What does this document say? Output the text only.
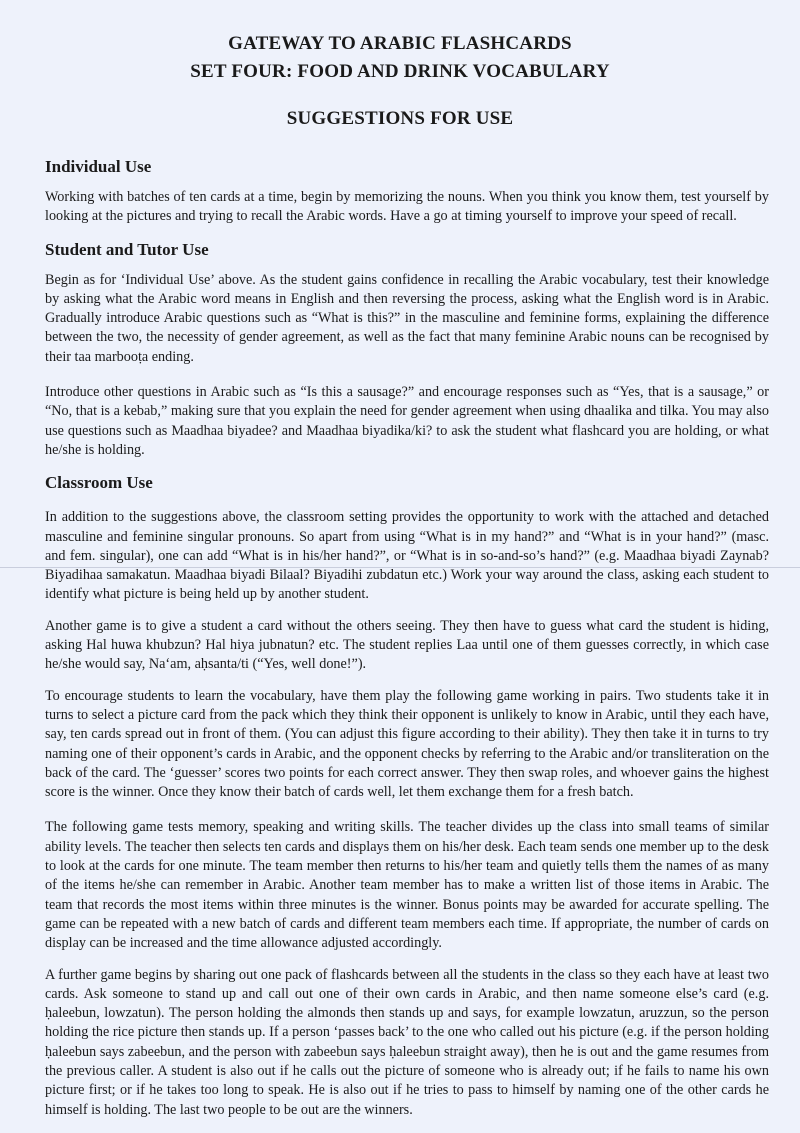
GATEWAY TO ARABIC FLASHCARDS
SET FOUR: FOOD AND DRINK VOCABULARY
SUGGESTIONS FOR USE
Individual Use

Working with batches of ten cards at a time, begin by memorizing the nouns. When you think you know them, test yourself by looking at the pictures and trying to recall the Arabic words. Have a go at timing yourself to improve your speed of recall.

Student and Tutor Use

Begin as for ‘Individual Use’ above. As the student gains confidence in recalling the Arabic vocabulary, test their knowledge by asking what the Arabic word means in English and then reversing the process, asking what the English word is in Arabic. Gradually introduce Arabic questions such as “What is this?” in the masculine and feminine forms, explaining the difference between the two, the necessity of gender agreement, as well as the fact that many feminine Arabic nouns can be recognised by their taa marbooṭa ending.

Introduce other questions in Arabic such as “Is this a sausage?” and encourage responses such as “Yes, that is a sausage,” or “No, that is a kebab,” making sure that you explain the need for gender agreement when using dhaalika and tilka. You may also use questions such as Maadhaa biyadee? and Maadhaa biyadika/ki? to ask the student what flashcard you are holding, or what he/she is holding.

Classroom Use

In addition to the suggestions above, the classroom setting provides the opportunity to work with the attached and detached masculine and feminine singular pronouns. So apart from using “What is in my hand?” and “What is in your hand?” (masc. and fem. singular), one can add “What is in his/her hand?”, or “What is in so-and-so’s hand?” (e.g. Maadhaa biyadi Zaynab? Biyadihaa samakatun. Maadhaa biyadi Bilaal? Biyadihi zubdatun etc.) Work your way around the class, asking each student to identify what picture is being held up by another student.

Another game is to give a student a card without the others seeing. They then have to guess what card the student is hiding, asking Hal huwa khubzun? Hal hiya jubnatun? etc. The student replies Laa until one of them guesses correctly, in which case he/she would say, Na‘am, aḥsanta/ti (“Yes, well done!”).

To encourage students to learn the vocabulary, have them play the following game working in pairs. Two students take it in turns to select a picture card from the pack which they think their opponent is unlikely to know in Arabic, until they each have, say, ten cards spread out in front of them. (You can adjust this figure according to their ability). They then take it in turns to try naming one of their opponent’s cards in Arabic, and the opponent checks by referring to the Arabic and/or transliteration on the back of the card. The ‘guesser’ scores two points for each correct answer. They then swap roles, and whoever gains the highest score is the winner. Once they know their batch of cards well, let them exchange them for a fresh batch.

The following game tests memory, speaking and writing skills. The teacher divides up the class into small teams of similar ability levels. The teacher then selects ten cards and displays them on his/her desk. Each team sends one member up to the desk to look at the cards for one minute. The team member then returns to his/her team and quietly tells them the names of as many of the items he/she can remember in Arabic. Another team member has to make a written list of those items in Arabic. The team that records the most items within three minutes is the winner. Bonus points may be awarded for accurate spelling. The game can be repeated with a new batch of cards and different team members each time. If appropriate, the number of cards on display can be increased and the time allowance adjusted accordingly.

A further game begins by sharing out one pack of flashcards between all the students in the class so they each have at least two cards. Ask someone to stand up and call out one of their own cards in Arabic, and then name someone else’s card (e.g. ḥaleebun, lowzatun). The person holding the almonds then stands up and says, for example lowzatun, aruzzun, so the person holding the rice picture then stands up. If a person ‘passes back’ to the one who called out his picture (e.g. if the person holding ḥaleebun says zabeebun, and the person with zabeebun says ḥaleebun straight away), then he is out and the game resumes from the previous caller. A student is also out if he calls out the picture of someone who is already out; if he fails to name his own picture first; or if he takes too long to speak. He is also out if he tries to pass to himself by naming one of the other cards he himself is holding. The last two people to be out are the winners.
